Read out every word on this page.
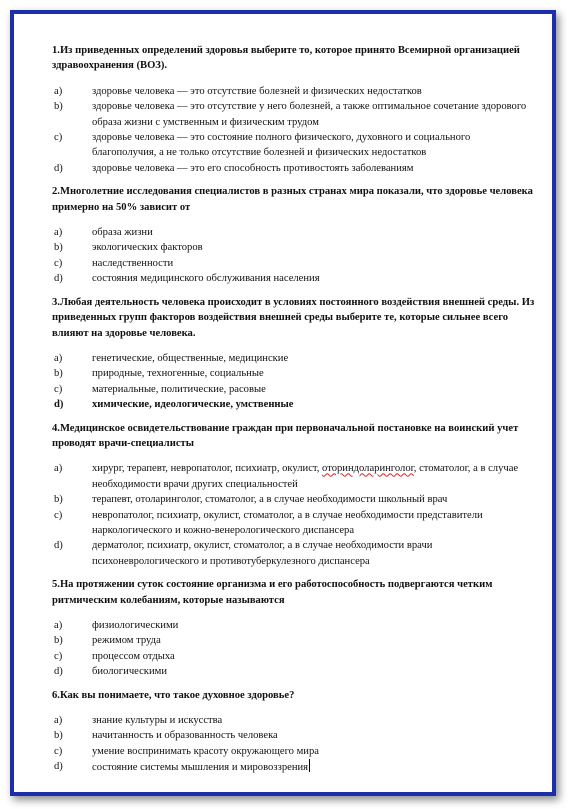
1.Из приведенных определений здоровья выберите то, которое принято Всемирной организацией здравоохранения (ВОЗ).

a)	здоровье человека — это отсутствие болезней и физических недостатков
b)	здоровье человека — это отсутствие у него болезней, а также оптимальное сочетание здорового образа жизни с умственным и физическим трудом
c)	здоровье человека — это состояние полного физического, духовного и социального благополучия, а не только отсутствие болезней и физических недостатков
d)	здоровье человека — это его способность противостоять заболеваниям

2.Многолетние исследования специалистов в разных странах мира показали, что здоровье человека примерно на 50% зависит от

a)	образа жизни
b)	экологических факторов
c)	наследственности
d)	состояния медицинского обслуживания населения

3.Любая деятельность человека происходит в условиях постоянного воздействия внешней среды. Из приведенных групп факторов воздействия внешней среды выберите те, которые сильнее всего влияют на здоровье человека.

a)	генетические, общественные, медицинские
b)	природные, техногенные, социальные
c)	материальные, политические, расовые
d)	химические, идеологические, умственные

4.Медицинское освидетельствование граждан при первоначальной постановке на воинский учет проводят врачи-специалисты

a)	хирург, терапевт, невропатолог, психиатр, окулист, оториндоларинголог, стоматолог, а в случае необходимости врачи других специальностей
b)	терапевт, отоларинголог, стоматолог, а в случае необходимости школьный врач
c)	невропатолог, психиатр, окулист, стоматолог, а в случае необходимости представители наркологического и кожно-венерологического диспансера
d)	дерматолог, психиатр, окулист, стоматолог, а в случае необходимости врачи психоневрологического и противотуберкулезного диспансера

5.На протяжении суток состояние организма и его работоспособность подвергаются четким ритмическим колебаниям, которые называются

a)	физиологическими
b)	режимом труда
c)	процессом отдыха
d)	биологическими

6.Как вы понимаете, что такое духовное здоровье?

a)	знание культуры и искусства
b)	начитанность и образованность человека
c)	умение воспринимать красоту окружающего мира
d)	состояние системы мышления и мировоззрения
